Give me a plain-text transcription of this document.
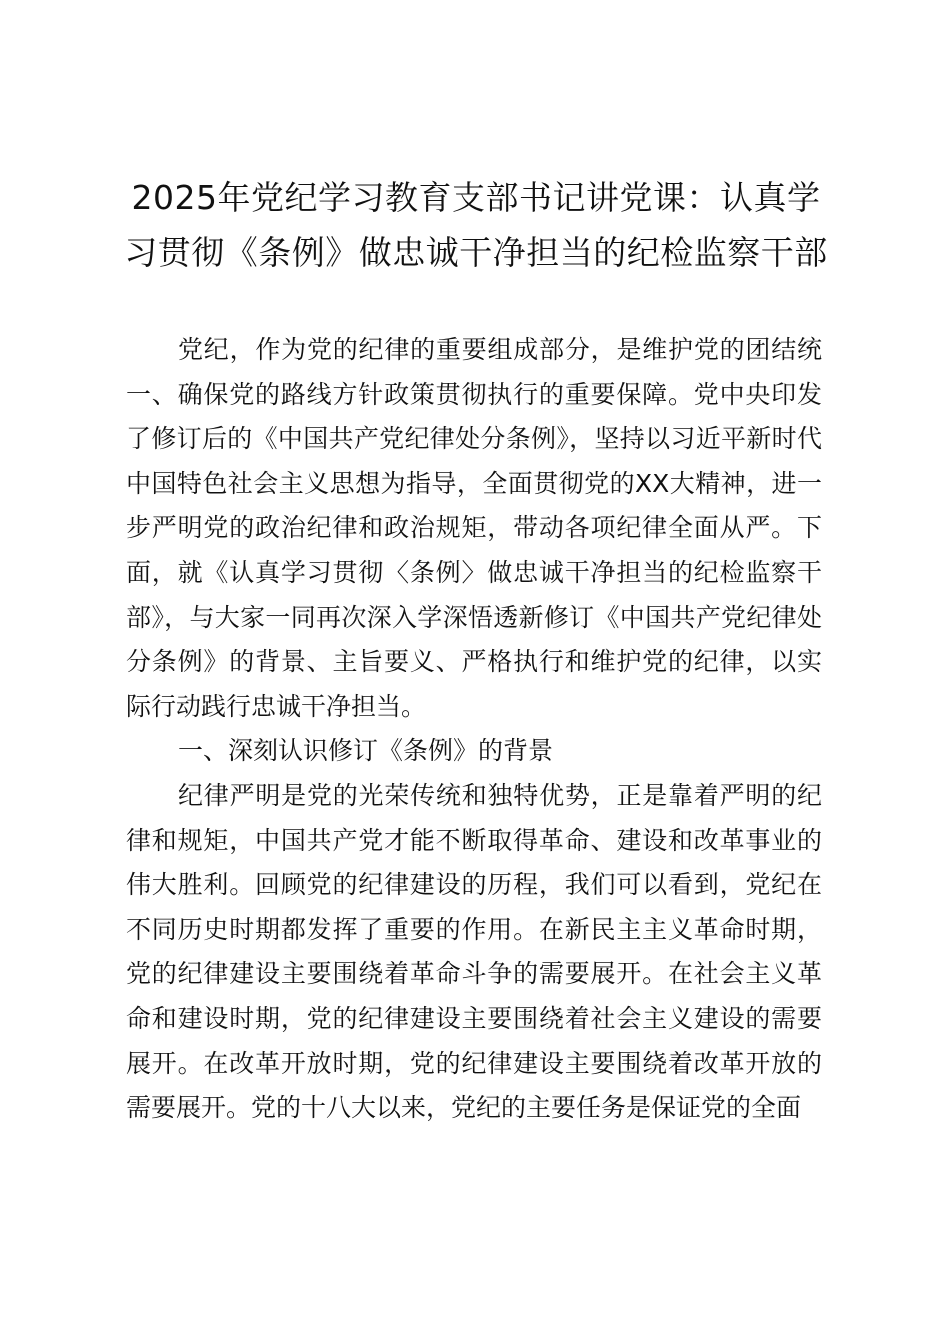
2025年党纪学习教育支部书记讲党课：认真学习贯彻《条例》做忠诚干净担当的纪检监察干部

党纪，作为党的纪律的重要组成部分，是维护党的团结统一、确保党的路线方针政策贯彻执行的重要保障。党中央印发了修订后的《中国共产党纪律处分条例》，坚持以习近平新时代中国特色社会主义思想为指导，全面贯彻党的XX大精神，进一步严明党的政治纪律和政治规矩，带动各项纪律全面从严。下面，就《认真学习贯彻〈条例〉做忠诚干净担当的纪检监察干部》，与大家一同再次深入学深悟透新修订《中国共产党纪律处分条例》的背景、主旨要义、严格执行和维护党的纪律，以实际行动践行忠诚干净担当。

一、深刻认识修订《条例》的背景

纪律严明是党的光荣传统和独特优势，正是靠着严明的纪律和规矩，中国共产党才能不断取得革命、建设和改革事业的伟大胜利。回顾党的纪律建设的历程，我们可以看到，党纪在不同历史时期都发挥了重要的作用。在新民主主义革命时期，党的纪律建设主要围绕着革命斗争的需要展开。在社会主义革命和建设时期，党的纪律建设主要围绕着社会主义建设的需要展开。在改革开放时期，党的纪律建设主要围绕着改革开放的需要展开。党的十八大以来，党纪的主要任务是保证党的全面
